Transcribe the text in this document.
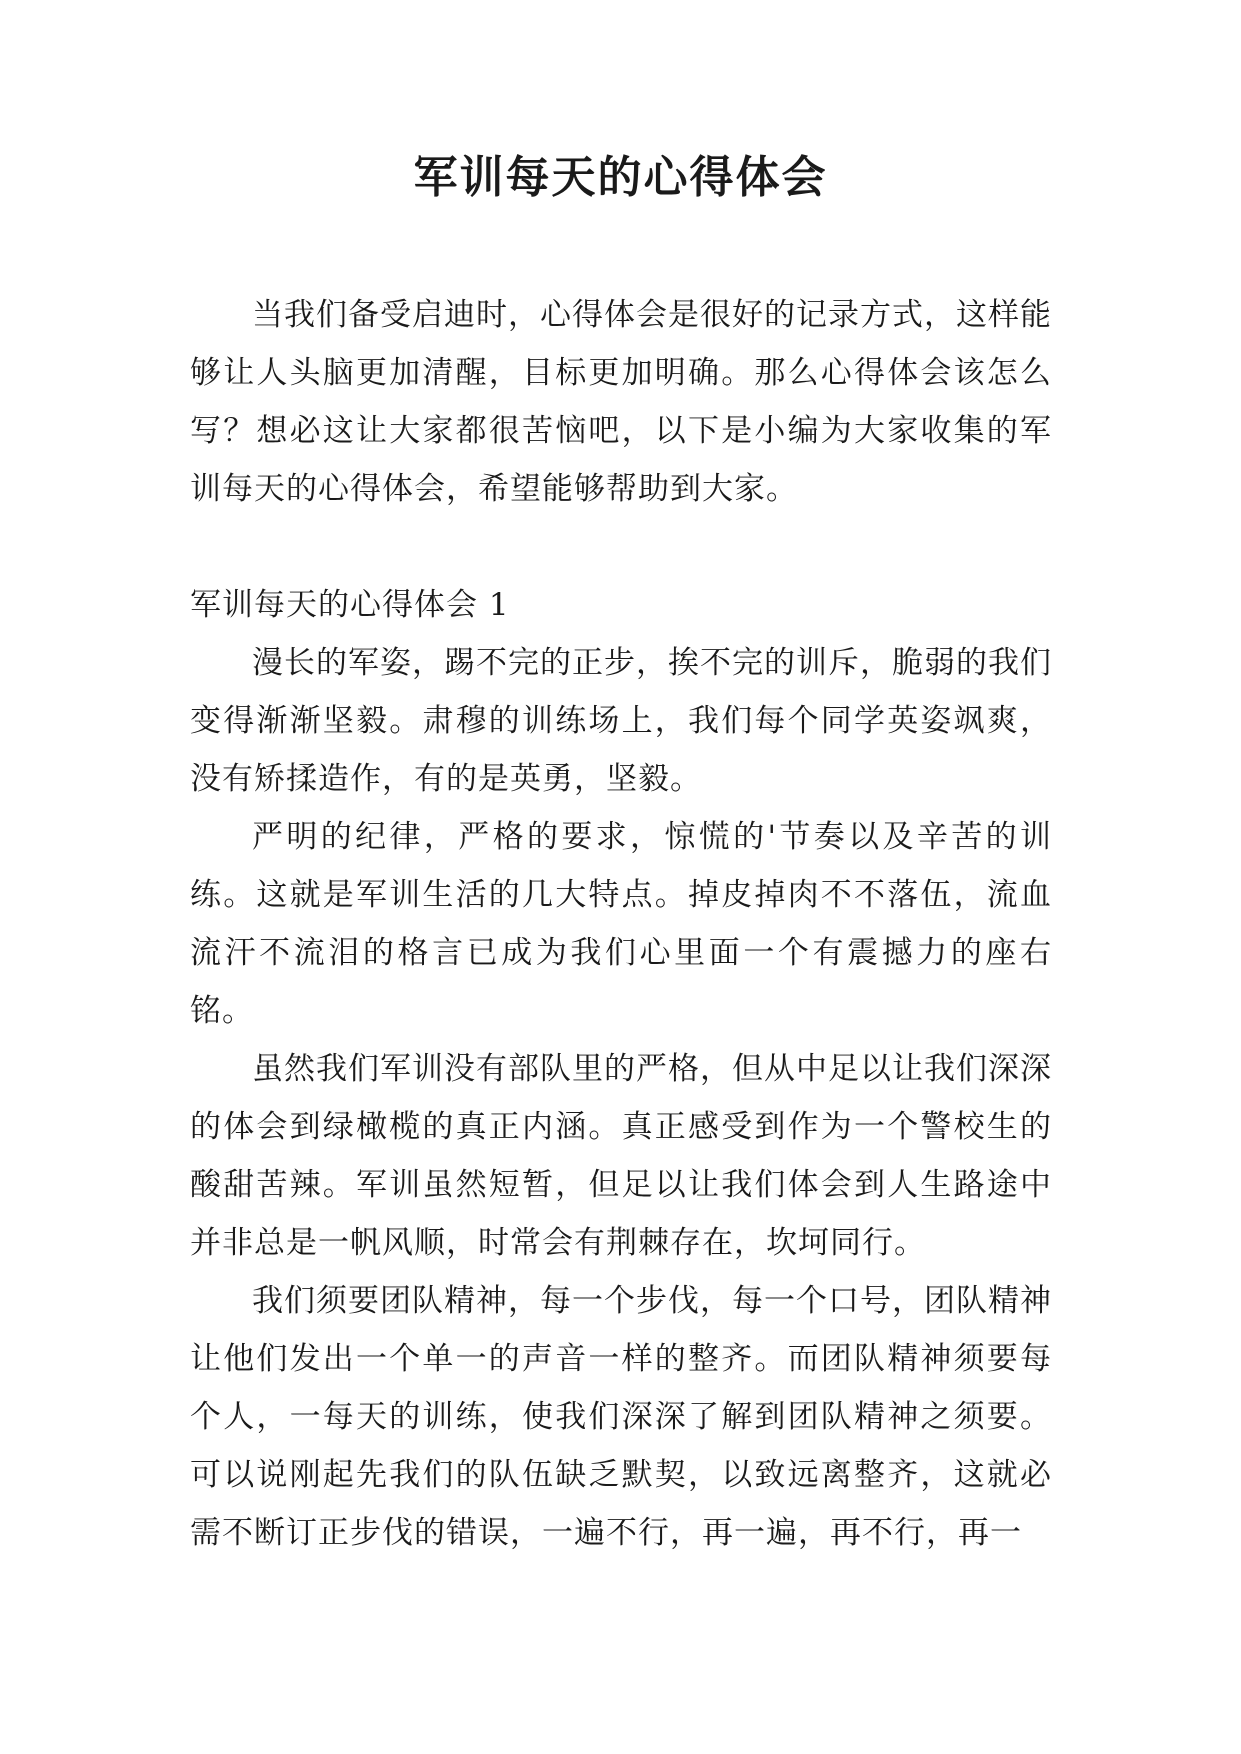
军训每天的心得体会

当我们备受启迪时，心得体会是很好的记录方式，这样能够让人头脑更加清醒，目标更加明确。那么心得体会该怎么写？想必这让大家都很苦恼吧，以下是小编为大家收集的军训每天的心得体会，希望能够帮助到大家。

军训每天的心得体会 1

漫长的军姿，踢不完的正步，挨不完的训斥，脆弱的我们变得渐渐坚毅。肃穆的训练场上，我们每个同学英姿飒爽，没有矫揉造作，有的是英勇，坚毅。

严明的纪律，严格的要求，惊慌的'节奏以及辛苦的训练。这就是军训生活的几大特点。掉皮掉肉不不落伍，流血流汗不流泪的格言已成为我们心里面一个有震撼力的座右铭。

虽然我们军训没有部队里的严格，但从中足以让我们深深的体会到绿橄榄的真正内涵。真正感受到作为一个警校生的酸甜苦辣。军训虽然短暂，但足以让我们体会到人生路途中并非总是一帆风顺，时常会有荆棘存在，坎坷同行。

我们须要团队精神，每一个步伐，每一个口号，团队精神让他们发出一个单一的声音一样的整齐。而团队精神须要每个人，一每天的训练，使我们深深了解到团队精神之须要。可以说刚起先我们的队伍缺乏默契，以致远离整齐，这就必需不断订正步伐的错误，一遍不行，再一遍，再不行，再一
